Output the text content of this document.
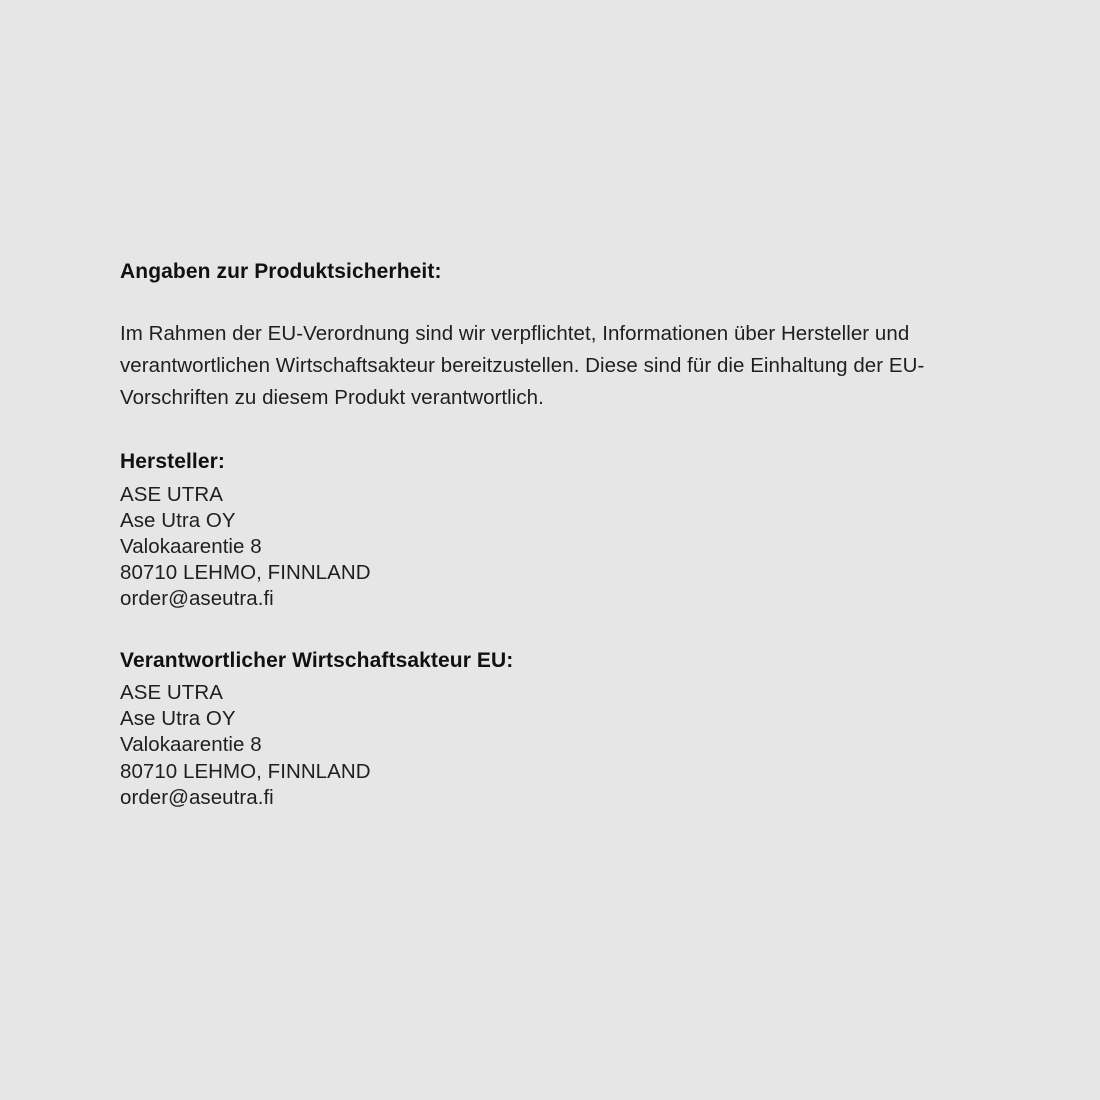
Angaben zur Produktsicherheit:

Im Rahmen der EU-Verordnung sind wir verpflichtet, Informationen über Hersteller und verantwortlichen Wirtschaftsakteur bereitzustellen. Diese sind für die Einhaltung der EU-Vorschriften zu diesem Produkt verantwortlich.

Hersteller:
ASE UTRA
Ase Utra OY
Valokaarentie 8
80710 LEHMO, FINNLAND
order@aseutra.fi
Verantwortlicher Wirtschaftsakteur EU:
ASE UTRA
Ase Utra OY
Valokaarentie 8
80710 LEHMO, FINNLAND
order@aseutra.fi
